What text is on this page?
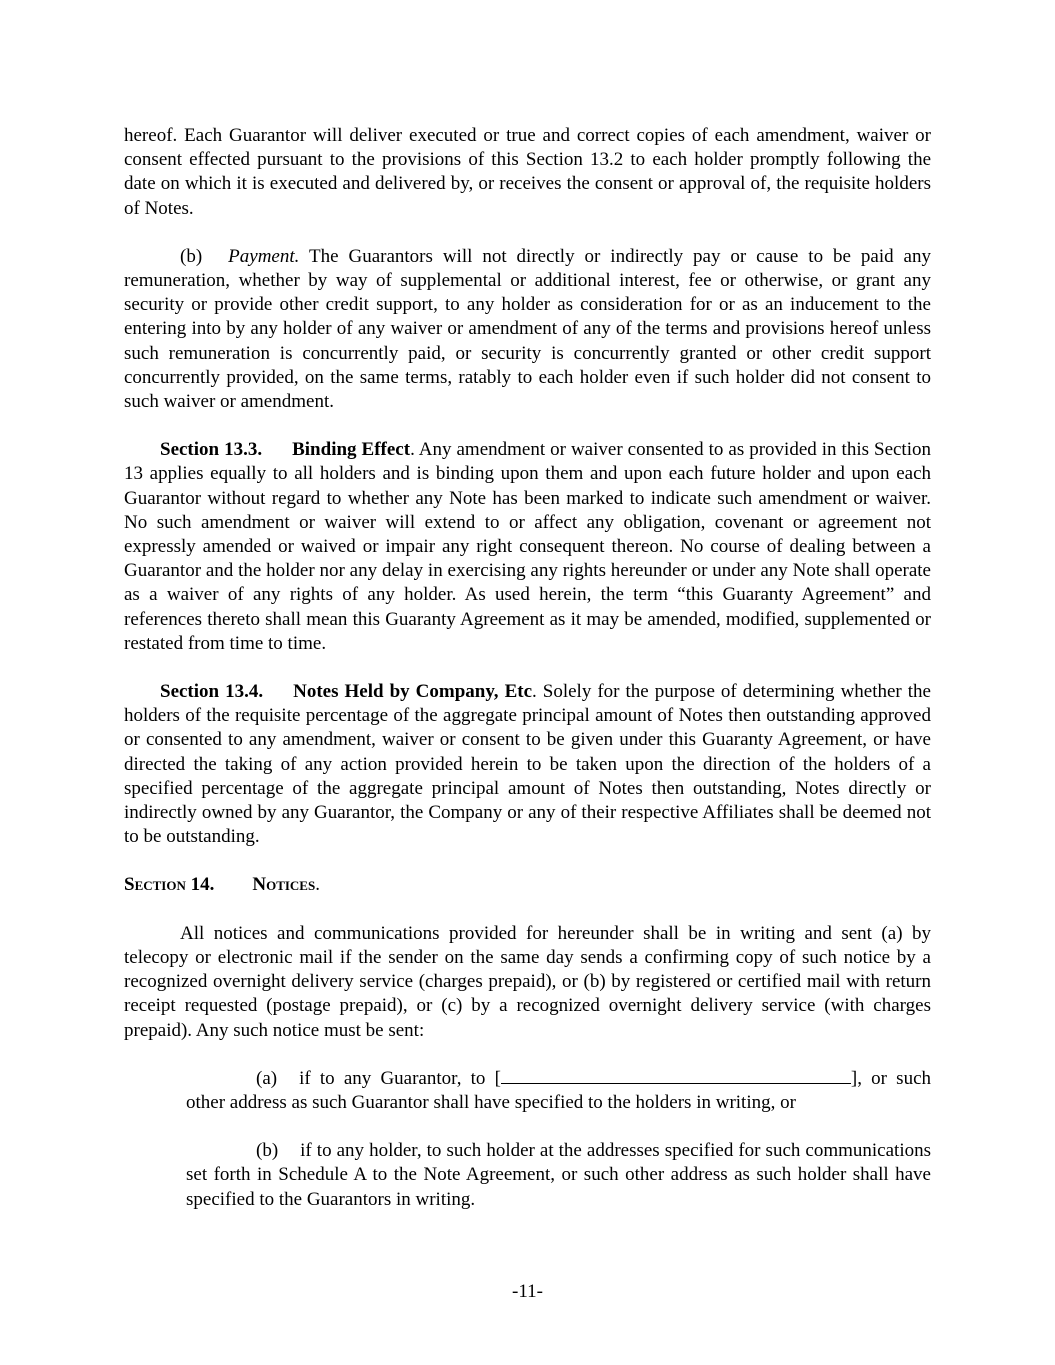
hereof. Each Guarantor will deliver executed or true and correct copies of each amendment, waiver or consent effected pursuant to the provisions of this Section 13.2 to each holder promptly following the date on which it is executed and delivered by, or receives the consent or approval of, the requisite holders of Notes.

(b) Payment. The Guarantors will not directly or indirectly pay or cause to be paid any remuneration, whether by way of supplemental or additional interest, fee or otherwise, or grant any security or provide other credit support, to any holder as consideration for or as an inducement to the entering into by any holder of any waiver or amendment of any of the terms and provisions hereof unless such remuneration is concurrently paid, or security is concurrently granted or other credit support concurrently provided, on the same terms, ratably to each holder even if such holder did not consent to such waiver or amendment.

Section 13.3. Binding Effect. Any amendment or waiver consented to as provided in this Section 13 applies equally to all holders and is binding upon them and upon each future holder and upon each Guarantor without regard to whether any Note has been marked to indicate such amendment or waiver. No such amendment or waiver will extend to or affect any obligation, covenant or agreement not expressly amended or waived or impair any right consequent thereon. No course of dealing between a Guarantor and the holder nor any delay in exercising any rights hereunder or under any Note shall operate as a waiver of any rights of any holder. As used herein, the term “this Guaranty Agreement” and references thereto shall mean this Guaranty Agreement as it may be amended, modified, supplemented or restated from time to time.

Section 13.4. Notes Held by Company, Etc. Solely for the purpose of determining whether the holders of the requisite percentage of the aggregate principal amount of Notes then outstanding approved or consented to any amendment, waiver or consent to be given under this Guaranty Agreement, or have directed the taking of any action provided herein to be taken upon the direction of the holders of a specified percentage of the aggregate principal amount of Notes then outstanding, Notes directly or indirectly owned by any Guarantor, the Company or any of their respective Affiliates shall be deemed not to be outstanding.

Section 14. Notices.

All notices and communications provided for hereunder shall be in writing and sent (a) by telecopy or electronic mail if the sender on the same day sends a confirming copy of such notice by a recognized overnight delivery service (charges prepaid), or (b) by registered or certified mail with return receipt requested (postage prepaid), or (c) by a recognized overnight delivery service (with charges prepaid). Any such notice must be sent:

(a) if to any Guarantor, to [	], or such other address as such Guarantor shall have specified to the holders in writing, or

(b) if to any holder, to such holder at the addresses specified for such communications set forth in Schedule A to the Note Agreement, or such other address as such holder shall have specified to the Guarantors in writing.

-11-
